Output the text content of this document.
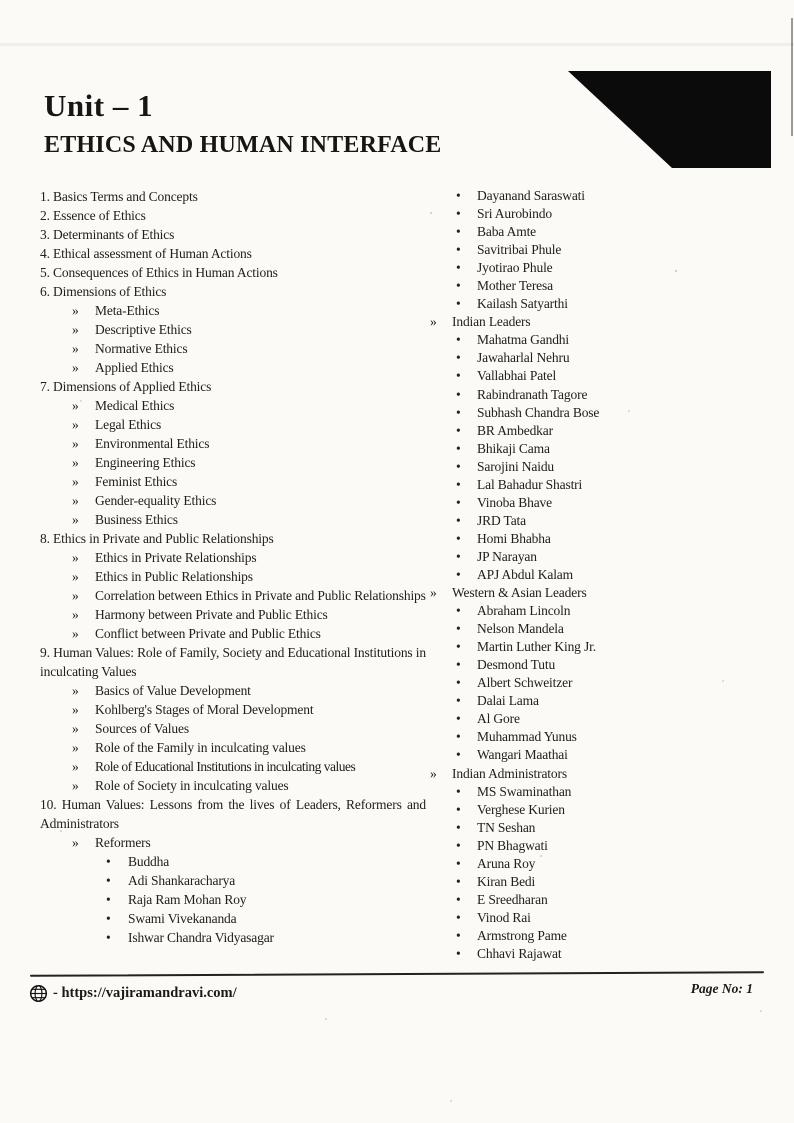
Unit – 1
ETHICS AND HUMAN INTERFACE
1. Basics Terms and Concepts
2. Essence of Ethics
3. Determinants of Ethics
4. Ethical assessment of Human Actions
5. Consequences of Ethics in Human Actions
6. Dimensions of Ethics
» Meta-Ethics
» Descriptive Ethics
» Normative Ethics
» Applied Ethics
7. Dimensions of Applied Ethics
» Medical Ethics
» Legal Ethics
» Environmental Ethics
» Engineering Ethics
» Feminist Ethics
» Gender-equality Ethics
» Business Ethics
8. Ethics in Private and Public Relationships
» Ethics in Private Relationships
» Ethics in Public Relationships
» Correlation between Ethics in Private and Public Relationships
» Harmony between Private and Public Ethics
» Conflict between Private and Public Ethics
9. Human Values: Role of Family, Society and Educational Institutions in inculcating Values
» Basics of Value Development
» Kohlberg's Stages of Moral Development
» Sources of Values
» Role of the Family in inculcating values
» Role of Educational Institutions in inculcating values
» Role of Society in inculcating values
10. Human Values: Lessons from the lives of Leaders, Reformers and Administrators
» Reformers
• Buddha
• Adi Shankaracharya
• Raja Ram Mohan Roy
• Swami Vivekananda
• Ishwar Chandra Vidyasagar
• Dayanand Saraswati
• Sri Aurobindo
• Baba Amte
• Savitribai Phule
• Jyotirao Phule
• Mother Teresa
• Kailash Satyarthi
» Indian Leaders
• Mahatma Gandhi
• Jawaharlal Nehru
• Vallabhai Patel
• Rabindranath Tagore
• Subhash Chandra Bose
• BR Ambedkar
• Bhikaji Cama
• Sarojini Naidu
• Lal Bahadur Shastri
• Vinoba Bhave
• JRD Tata
• Homi Bhabha
• JP Narayan
• APJ Abdul Kalam
» Western & Asian Leaders
• Abraham Lincoln
• Nelson Mandela
• Martin Luther King Jr.
• Desmond Tutu
• Albert Schweitzer
• Dalai Lama
• Al Gore
• Muhammad Yunus
• Wangari Maathai
» Indian Administrators
• MS Swaminathan
• Verghese Kurien
• TN Seshan
• PN Bhagwati
• Aruna Roy
• Kiran Bedi
• E Sreedharan
• Vinod Rai
• Armstrong Pame
• Chhavi Rajawat
- https://vajiramandravi.com/	Page No: 1
